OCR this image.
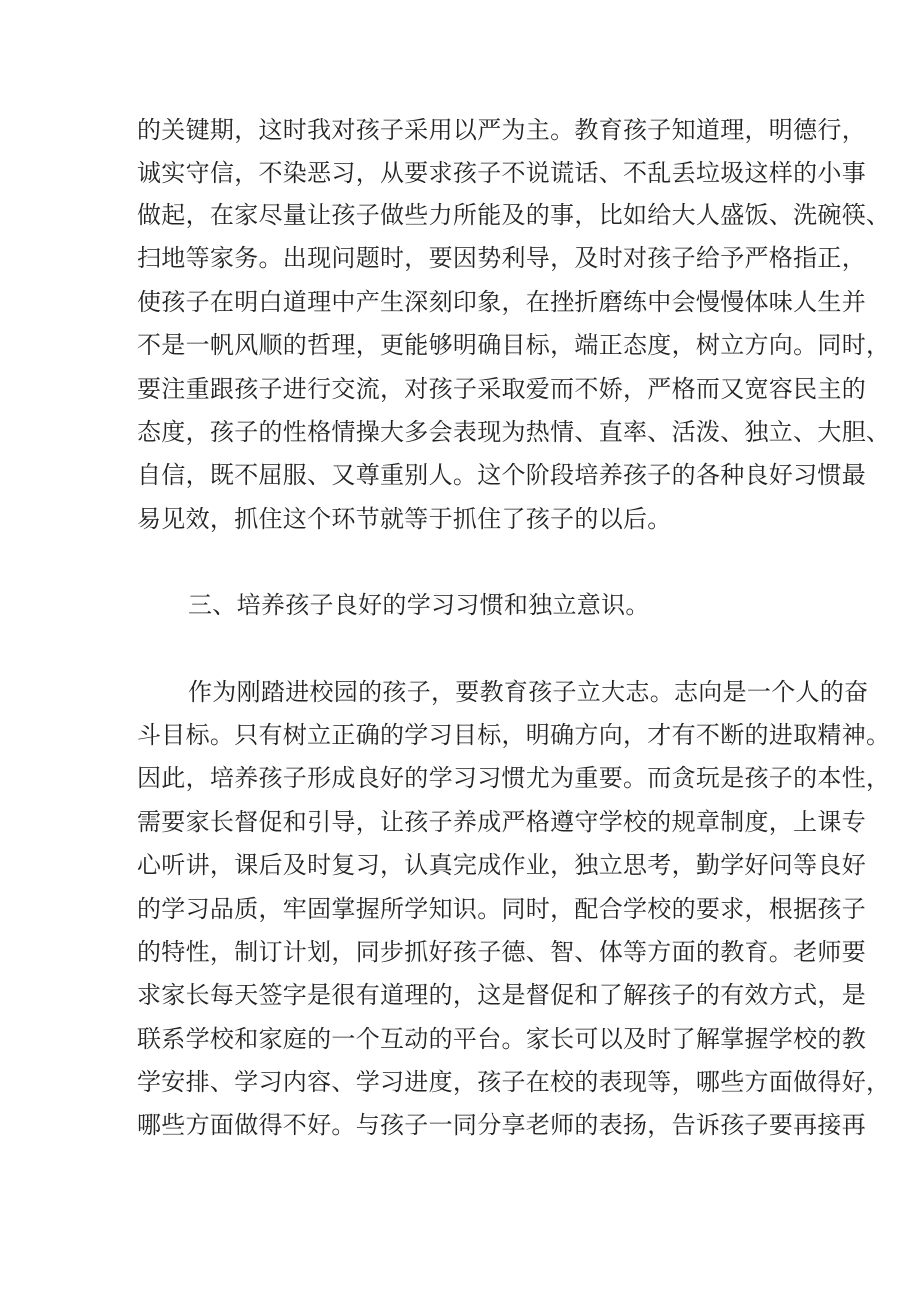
的关键期，这时我对孩子采用以严为主。教育孩子知道理，明德行，
诚实守信，不染恶习，从要求孩子不说谎话、不乱丢垃圾这样的小事
做起，在家尽量让孩子做些力所能及的事，比如给大人盛饭、洗碗筷、
扫地等家务。出现问题时，要因势利导，及时对孩子给予严格指正，
使孩子在明白道理中产生深刻印象，在挫折磨练中会慢慢体味人生并
不是一帆风顺的哲理，更能够明确目标，端正态度，树立方向。同时，
要注重跟孩子进行交流，对孩子采取爱而不娇，严格而又宽容民主的
态度，孩子的性格情操大多会表现为热情、直率、活泼、独立、大胆、
自信，既不屈服、又尊重别人。这个阶段培养孩子的各种良好习惯最
易见效，抓住这个环节就等于抓住了孩子的以后。
三、培养孩子良好的学习习惯和独立意识。
作为刚踏进校园的孩子，要教育孩子立大志。志向是一个人的奋
斗目标。只有树立正确的学习目标，明确方向，才有不断的进取精神。
因此，培养孩子形成良好的学习习惯尤为重要。而贪玩是孩子的本性，
需要家长督促和引导，让孩子养成严格遵守学校的规章制度，上课专
心听讲，课后及时复习，认真完成作业，独立思考，勤学好问等良好
的学习品质，牢固掌握所学知识。同时，配合学校的要求，根据孩子
的特性，制订计划，同步抓好孩子德、智、体等方面的教育。老师要
求家长每天签字是很有道理的，这是督促和了解孩子的有效方式，是
联系学校和家庭的一个互动的平台。家长可以及时了解掌握学校的教
学安排、学习内容、学习进度，孩子在校的表现等，哪些方面做得好，
哪些方面做得不好。与孩子一同分享老师的表扬，告诉孩子要再接再
